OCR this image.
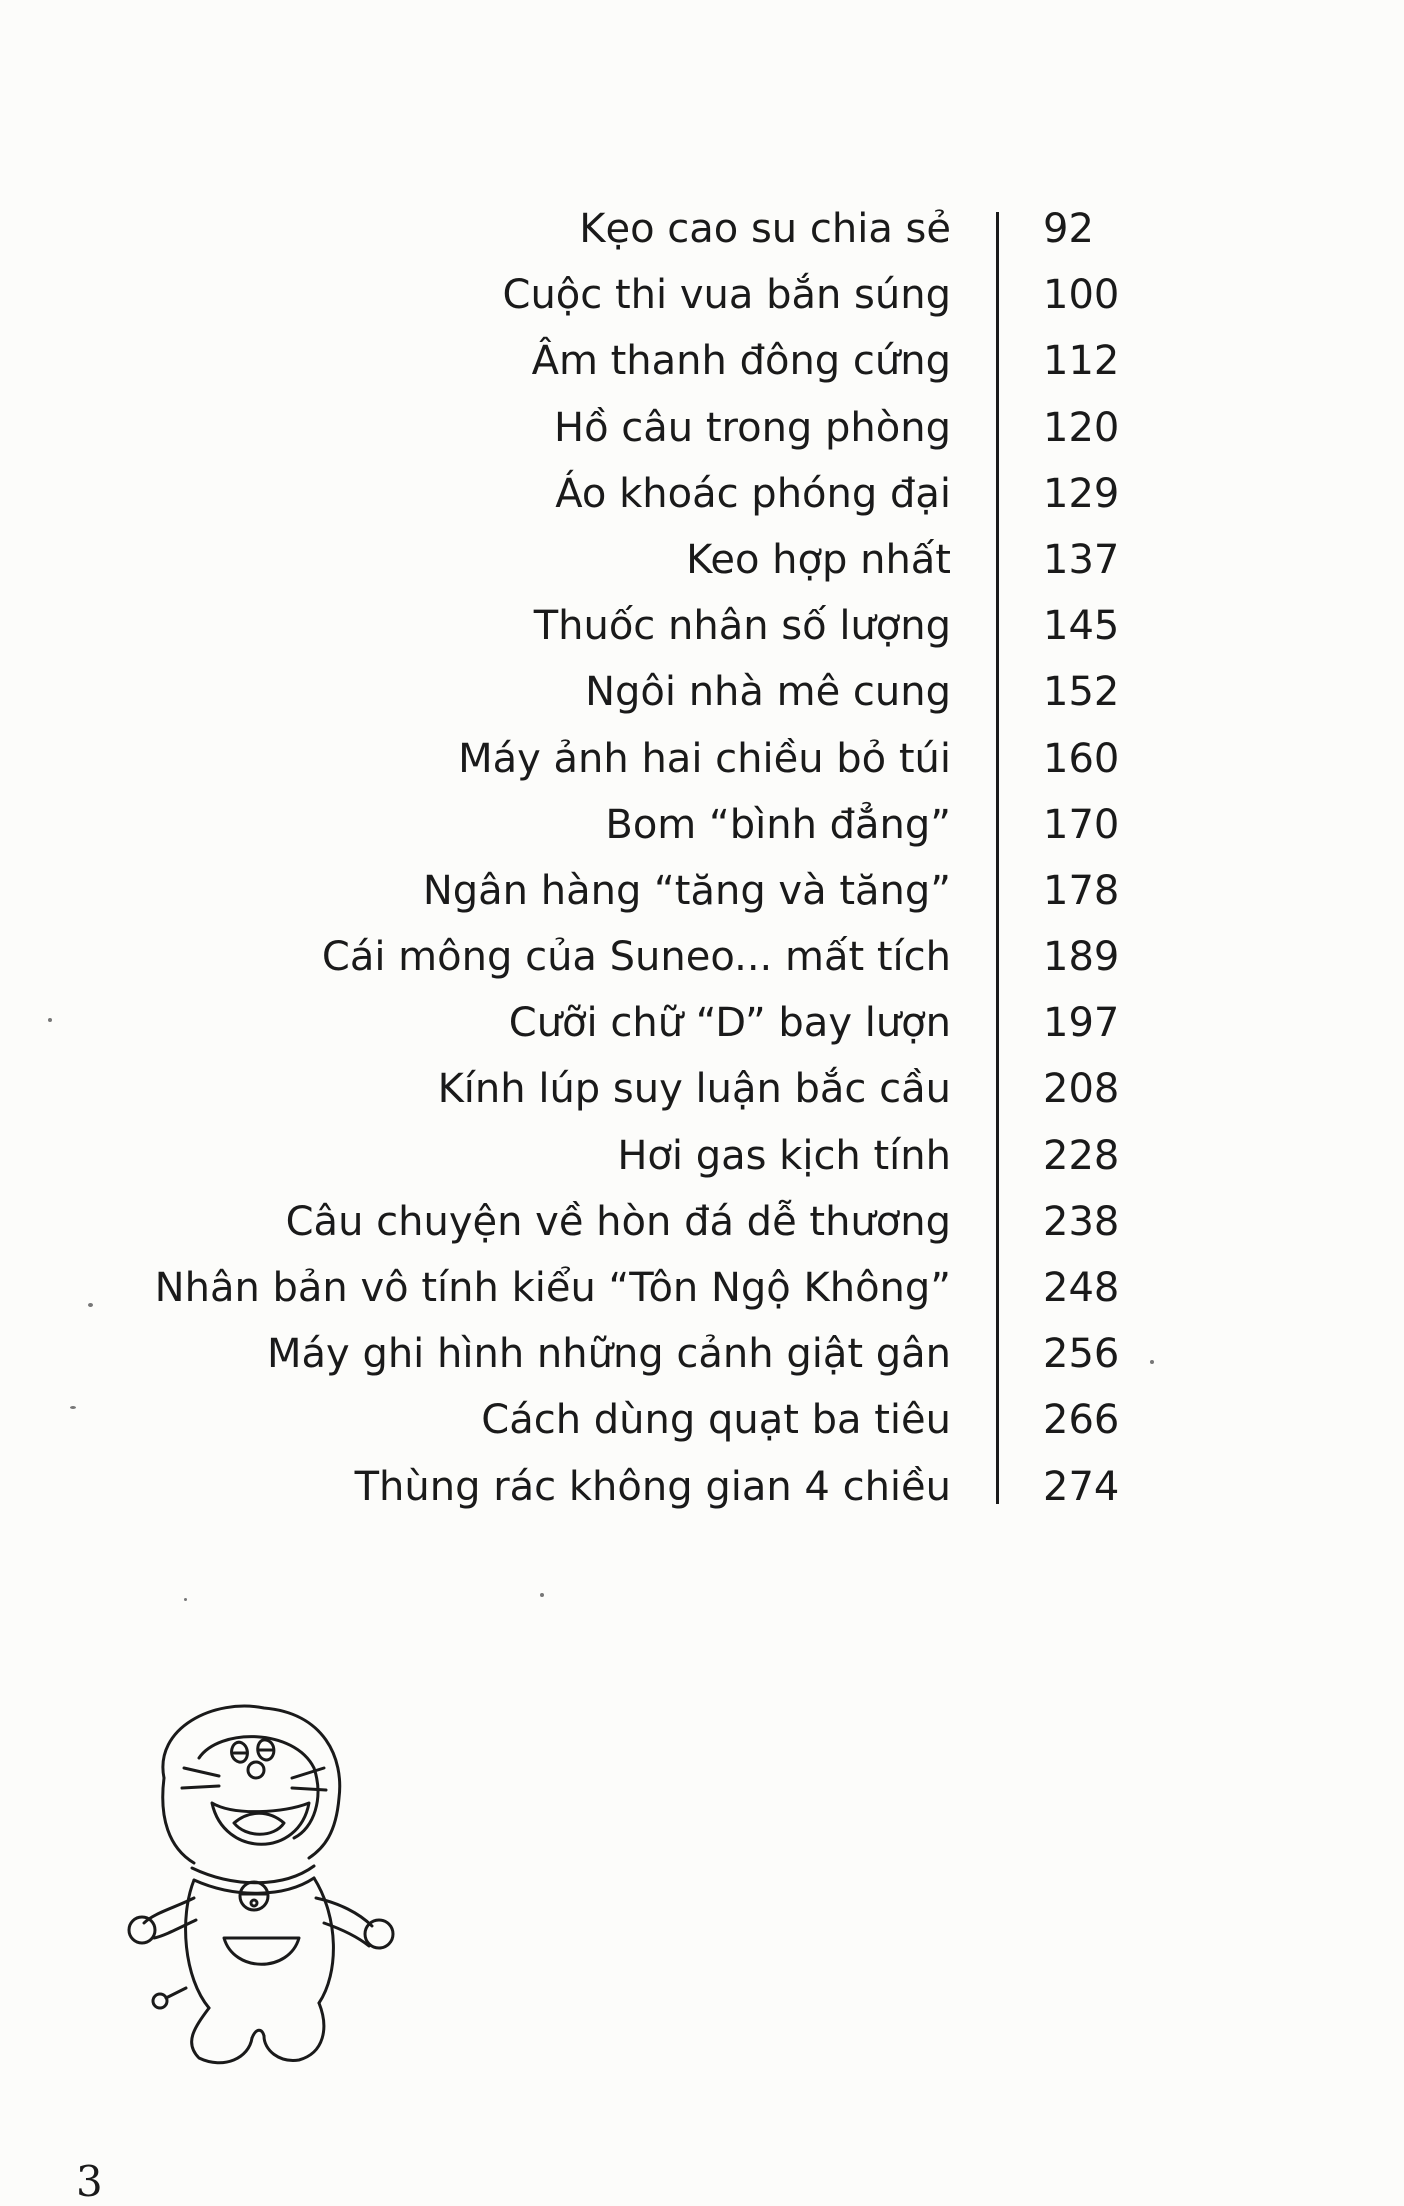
Kẹo cao su chia sẻ 92
Cuộc thi vua bắn súng 100
Âm thanh đông cứng 112
Hồ câu trong phòng 120
Áo khoác phóng đại 129
Keo hợp nhất 137
Thuốc nhân số lượng 145
Ngôi nhà mê cung 152
Máy ảnh hai chiều bỏ túi 160
Bom “bình đẳng” 170
Ngân hàng “tăng và tăng” 178
Cái mông của Suneo... mất tích 189
Cưỡi chữ “D” bay lượn 197
Kính lúp suy luận bắc cầu 208
Hơi gas kịch tính 228
Câu chuyện về hòn đá dễ thương 238
Nhân bản vô tính kiểu “Tôn Ngộ Không” 248
Máy ghi hình những cảnh giật gân 256
Cách dùng quạt ba tiêu 266
Thùng rác không gian 4 chiều 274
3
